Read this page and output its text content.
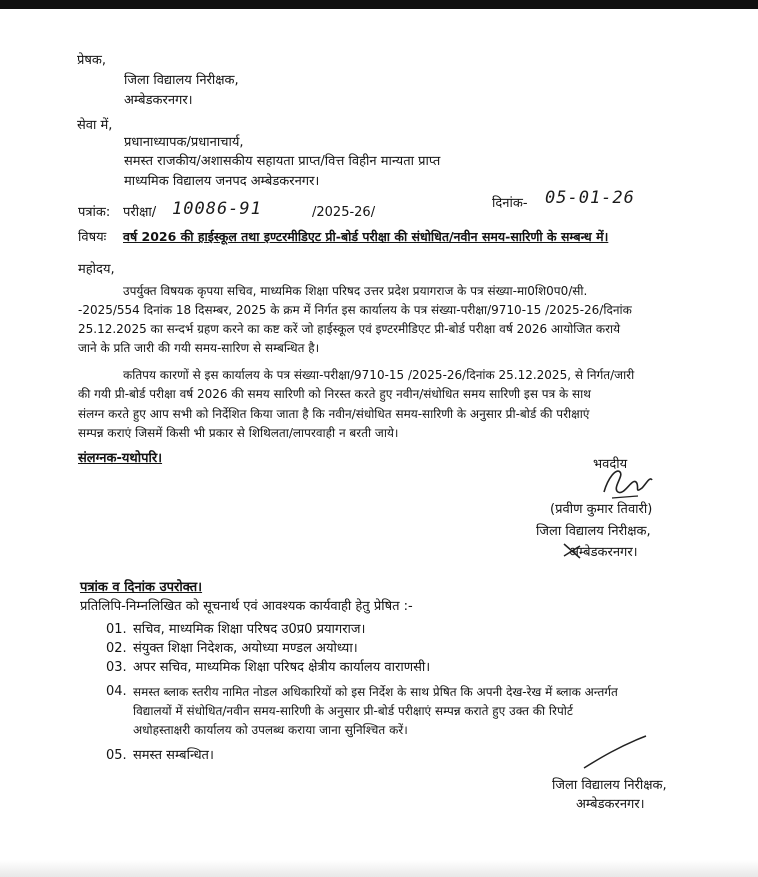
प्रेषक,
जिला विद्यालय निरीक्षक,
अम्बेडकरनगर।
सेवा में,
प्रधानाध्यापक/प्रधानाचार्य,
समस्त राजकीय/अशासकीय सहायता प्राप्त/वित्त विहीन मान्यता प्राप्त
माध्यमिक विद्यालय जनपद अम्बेडकरनगर।
पत्रांक: परीक्षा/ 10086-91	/2025-26/
दिनांक- 05-01-26
विषयः वर्ष 2026 की हाईस्कूल तथा इण्टरमीडिएट प्री-बोर्ड परीक्षा की संधोधित/नवीन समय-सारिणी के सम्बन्ध में।
महोदय,
उपर्युक्त विषयक कृपया सचिव, माध्यमिक शिक्षा परिषद उत्तर प्रदेश प्रयागराज के पत्र संख्या-मा0शि0प0/सी.
-2025/554 दिनांक 18 दिसम्बर, 2025 के क्रम में निर्गत इस कार्यालय के पत्र संख्या-परीक्षा/9710-15 /2025-26/दिनांक
25.12.2025 का सन्दर्भ ग्रहण करने का कष्ट करें जो हाईस्कूल एवं इण्टरमीडिएट प्री-बोर्ड परीक्षा वर्ष 2026 आयोजित कराये
जाने के प्रति जारी की गयी समय-सारिण से सम्बन्धित है।
कतिपय कारणों से इस कार्यालय के पत्र संख्या-परीक्षा/9710-15 /2025-26/दिनांक 25.12.2025, से निर्गत/जारी
की गयी प्री-बोर्ड परीक्षा वर्ष 2026 की समय सारिणी को निरस्त करते हुए नवीन/संधोधित समय सारिणी इस पत्र के साथ
संलग्न करते हुए आप सभी को निर्देशित किया जाता है कि नवीन/संधोधित समय-सारिणी के अनुसार प्री-बोर्ड की परीक्षाएं
सम्पन्न कराएं जिसमें किसी भी प्रकार से शिथिलता/लापरवाही न बरती जाये।
संलग्नक-यथोपरि।	भवदीय
(प्रवीण कुमार तिवारी)
जिला विद्यालय निरीक्षक,
अम्बेडकरनगर।
पत्रांक व दिनांक उपरोक्त।
प्रतिलिपि-निम्नलिखित को सूचनार्थ एवं आवश्यक कार्यवाही हेतु प्रेषित :-
01. सचिव, माध्यमिक शिक्षा परिषद उ0प्र0 प्रयागराज।
02. संयुक्त शिक्षा निदेशक, अयोध्या मण्डल अयोध्या।
03. अपर सचिव, माध्यमिक शिक्षा परिषद क्षेत्रीय कार्यालय वाराणसी।
04. समस्त ब्लाक स्तरीय नामित नोडल अधिकारियों को इस निर्देश के साथ प्रेषित कि अपनी देख-रेख में ब्लाक अन्तर्गत
विद्यालयों में संधोधित/नवीन समय-सारिणी के अनुसार प्री-बोर्ड परीक्षाएं सम्पन्न कराते हुए उक्त की रिपोर्ट
अधोहस्ताक्षरी कार्यालय को उपलब्ध कराया जाना सुनिश्चित करें।
05. समस्त सम्बन्धित।
जिला विद्यालय निरीक्षक,
अम्बेडकरनगर।
